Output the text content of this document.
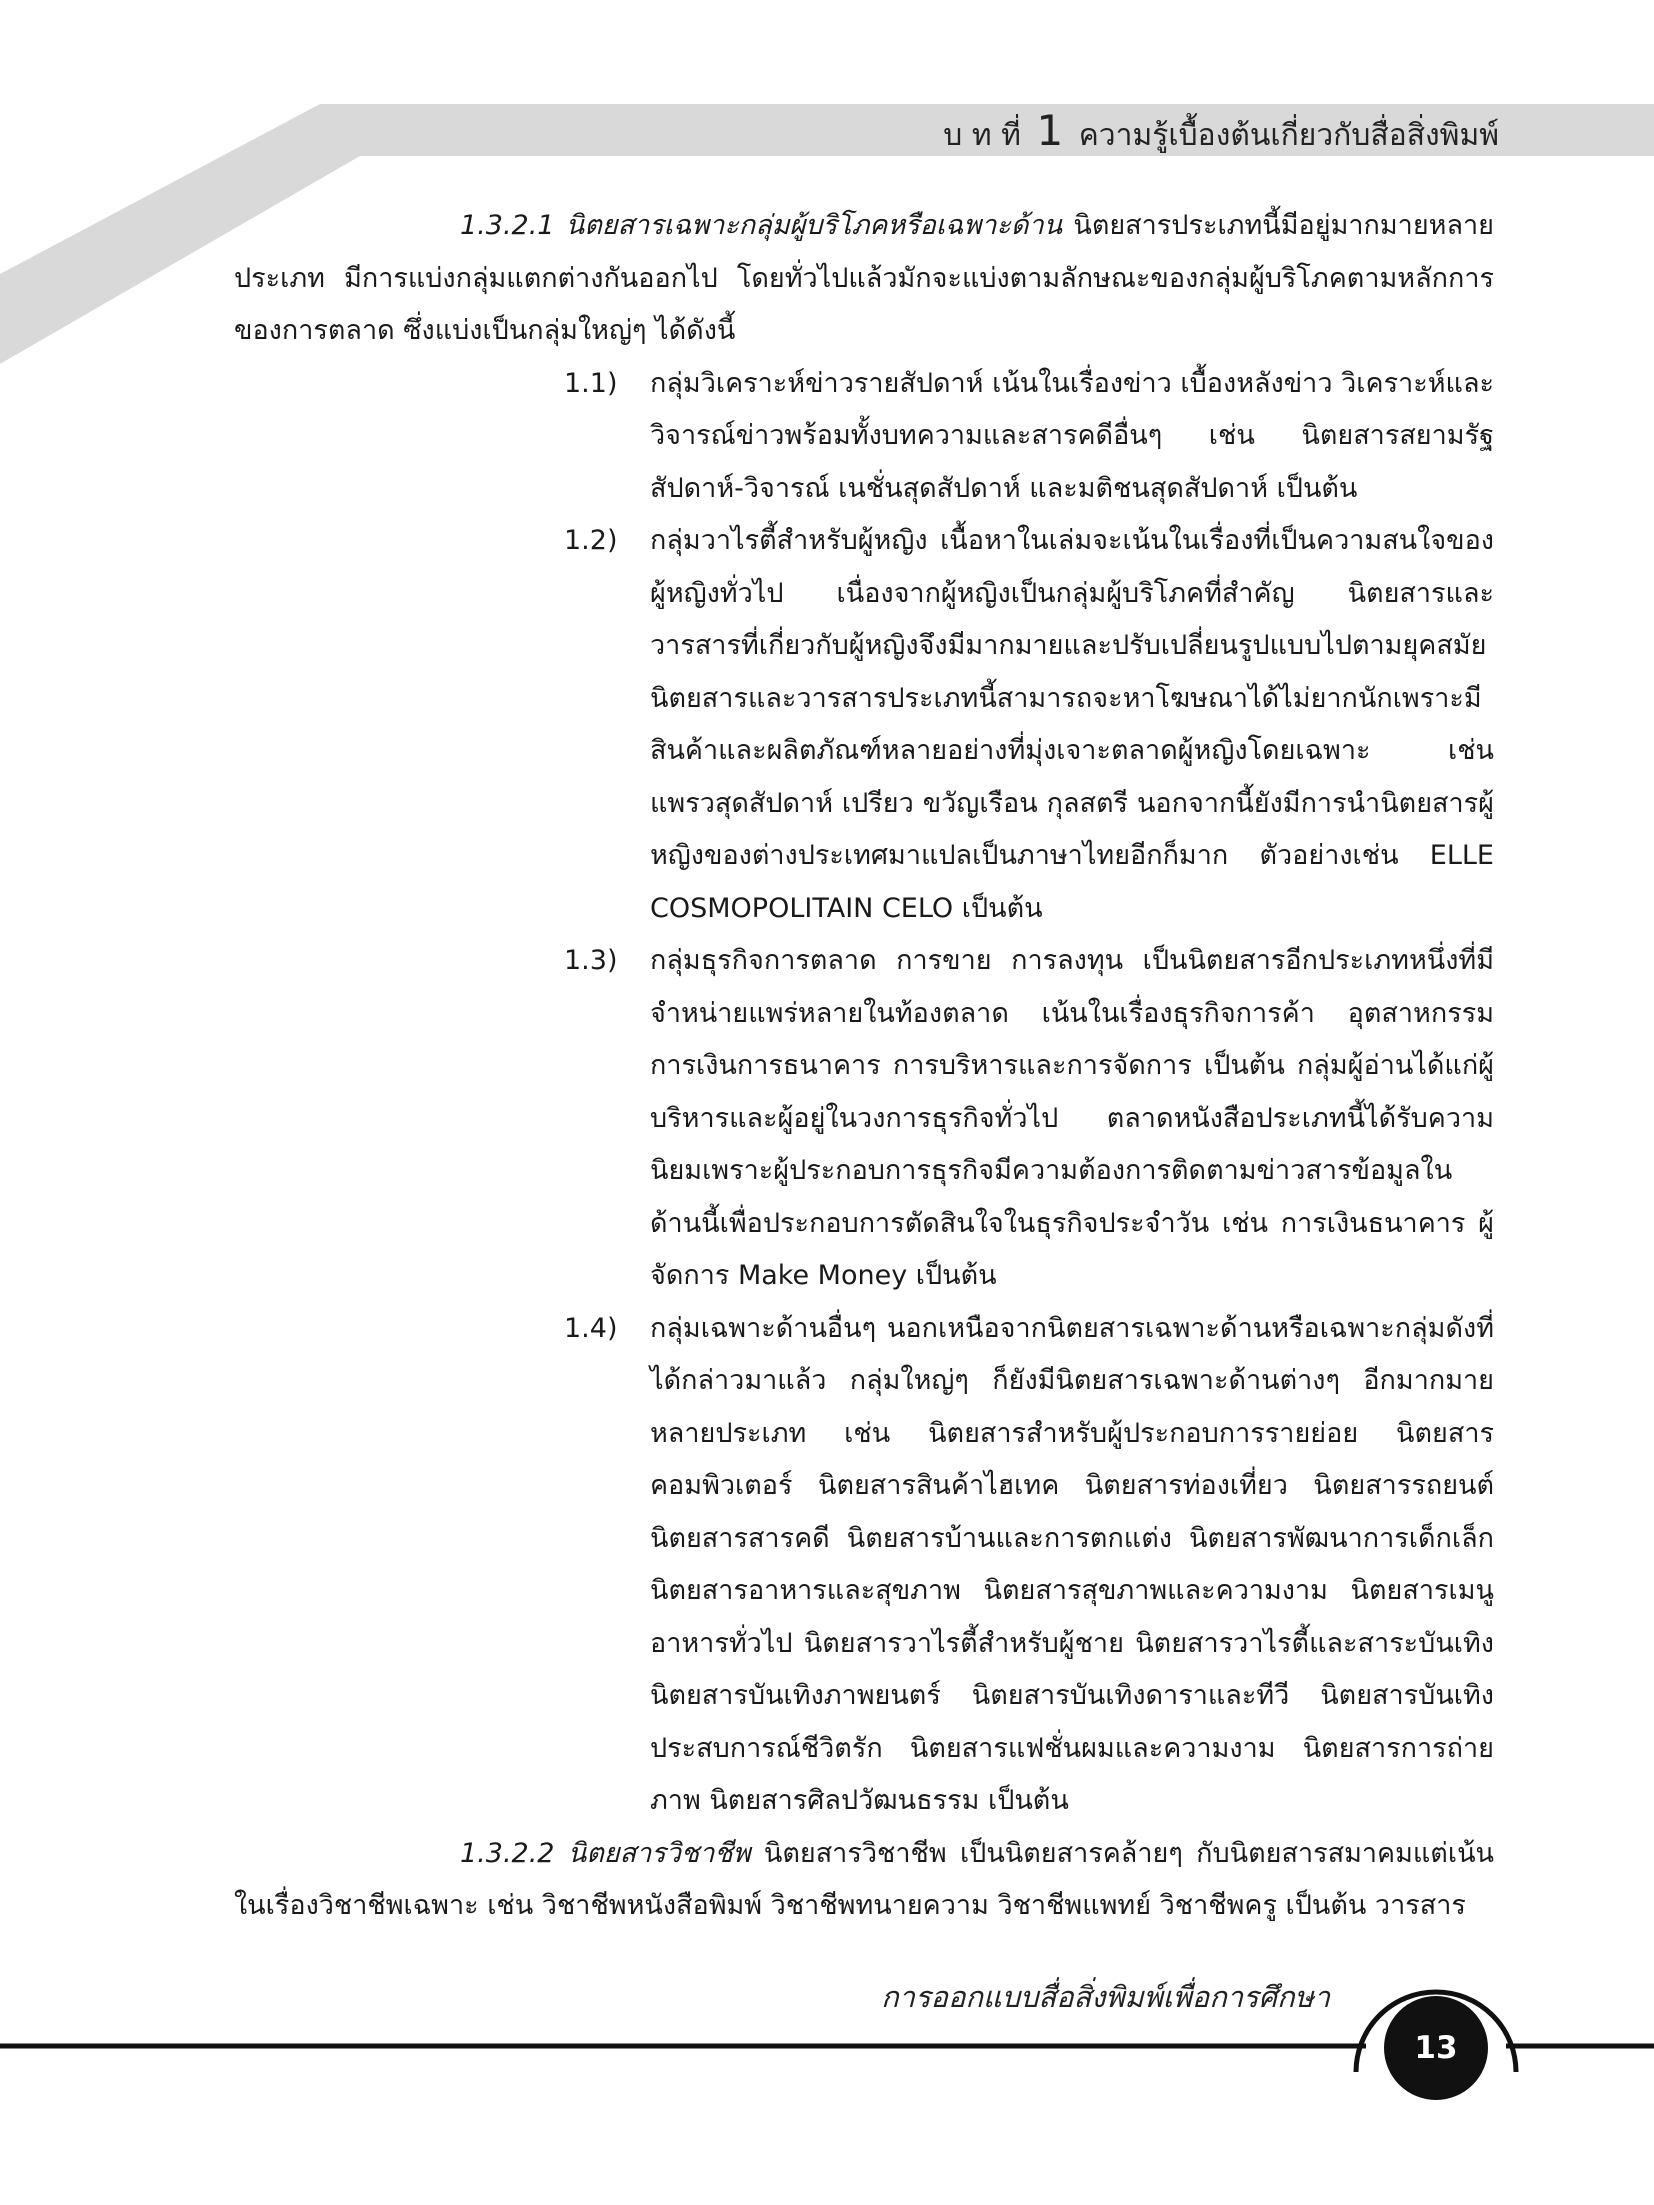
บ ท ที่ 1 ความรู้เบื้องต้นเกี่ยวกับสื่อสิ่งพิมพ์

1.3.2.1 นิตยสารเฉพาะกลุ่มผู้บริโภคหรือเฉพาะด้าน นิตยสารประเภทนี้มีอยู่มากมายหลายประเภท มีการแบ่งกลุ่มแตกต่างกันออกไป โดยทั่วไปแล้วมักจะแบ่งตามลักษณะของกลุ่มผู้บริโภคตามหลักการของการตลาด ซึ่งแบ่งเป็นกลุ่มใหญ่ๆ ได้ดังนี้

1.1) กลุ่มวิเคราะห์ข่าวรายสัปดาห์ เน้นในเรื่องข่าว เบื้องหลังข่าว วิเคราะห์และวิจารณ์ข่าวพร้อมทั้งบทความและสารคดีอื่นๆ เช่น นิตยสารสยามรัฐสัปดาห์-วิจารณ์ เนชั่นสุดสัปดาห์ และมติชนสุดสัปดาห์ เป็นต้น

1.2) กลุ่มวาไรตี้สำหรับผู้หญิง เนื้อหาในเล่มจะเน้นในเรื่องที่เป็นความสนใจของผู้หญิงทั่วไป เนื่องจากผู้หญิงเป็นกลุ่มผู้บริโภคที่สำคัญ นิตยสารและวารสารที่เกี่ยวกับผู้หญิงจึงมีมากมายและปรับเปลี่ยนรูปแบบไปตามยุคสมัย นิตยสารและวารสารประเภทนี้สามารถจะหาโฆษณาได้ไม่ยากนักเพราะมีสินค้าและผลิตภัณฑ์หลายอย่างที่มุ่งเจาะตลาดผู้หญิงโดยเฉพาะ เช่น แพรวสุดสัปดาห์ เปรียว ขวัญเรือน กุลสตรี นอกจากนี้ยังมีการนำนิตยสารผู้หญิงของต่างประเทศมาแปลเป็นภาษาไทยอีกก็มาก ตัวอย่างเช่น ELLE COSMOPOLITAIN CELO เป็นต้น

1.3) กลุ่มธุรกิจการตลาด การขาย การลงทุน เป็นนิตยสารอีกประเภทหนึ่งที่มีจำหน่ายแพร่หลายในท้องตลาด เน้นในเรื่องธุรกิจการค้า อุตสาหกรรม การเงินการธนาคาร การบริหารและการจัดการ เป็นต้น กลุ่มผู้อ่านได้แก่ผู้บริหารและผู้อยู่ในวงการธุรกิจทั่วไป ตลาดหนังสือประเภทนี้ได้รับความนิยมเพราะผู้ประกอบการธุรกิจมีความต้องการติดตามข่าวสารข้อมูลในด้านนี้เพื่อประกอบการตัดสินใจในธุรกิจประจำวัน เช่น การเงินธนาคาร ผู้จัดการ Make Money เป็นต้น

1.4) กลุ่มเฉพาะด้านอื่นๆ นอกเหนือจากนิตยสารเฉพาะด้านหรือเฉพาะกลุ่มดังที่ได้กล่าวมาแล้ว กลุ่มใหญ่ๆ ก็ยังมีนิตยสารเฉพาะด้านต่างๆ อีกมากมายหลายประเภท เช่น นิตยสารสำหรับผู้ประกอบการรายย่อย นิตยสารคอมพิวเตอร์ นิตยสารสินค้าไฮเทค นิตยสารท่องเที่ยว นิตยสารรถยนต์ นิตยสารสารคดี นิตยสารบ้านและการตกแต่ง นิตยสารพัฒนาการเด็กเล็ก นิตยสารอาหารและสุขภาพ นิตยสารสุขภาพและความงาม นิตยสารเมนูอาหารทั่วไป นิตยสารวาไรตี้สำหรับผู้ชาย นิตยสารวาไรตี้และสาระบันเทิง นิตยสารบันเทิงภาพยนตร์ นิตยสารบันเทิงดาราและทีวี นิตยสารบันเทิงประสบการณ์ชีวิตรัก นิตยสารแฟชั่นผมและความงาม นิตยสารการถ่ายภาพ นิตยสารศิลปวัฒนธรรม เป็นต้น

1.3.2.2 นิตยสารวิชาชีพ นิตยสารวิชาชีพ เป็นนิตยสารคล้ายๆ กับนิตยสารสมาคมแต่เน้นในเรื่องวิชาชีพเฉพาะ เช่น วิชาชีพหนังสือพิมพ์ วิชาชีพทนายความ วิชาชีพแพทย์ วิชาชีพครู เป็นต้น วารสาร

การออกแบบสื่อสิ่งพิมพ์เพื่อการศึกษา
13
